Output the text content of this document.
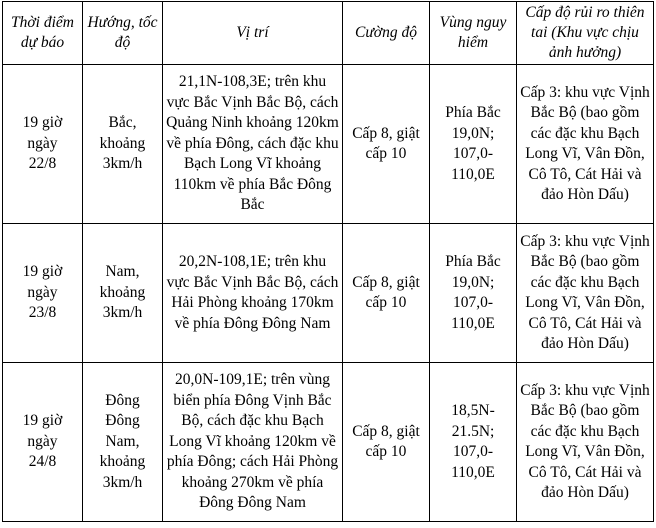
Thời điểm dự báo	Hướng, tốc độ	Vị trí	Cường độ	Vùng nguy hiểm	Cấp độ rủi ro thiên tai (Khu vực chịu ảnh hưởng)

19 giờ ngày 22/8	Bắc, khoảng 3km/h	21,1N-108,3E; trên khu vực Bắc Vịnh Bắc Bộ, cách Quảng Ninh khoảng 120km về phía Đông, cách đặc khu Bạch Long Vĩ khoảng 110km về phía Bắc Đông Bắc	Cấp 8, giật cấp 10	Phía Bắc 19,0N; 107,0-110,0E	Cấp 3: khu vực Vịnh Bắc Bộ (bao gồm các đặc khu Bạch Long Vĩ, Vân Đồn, Cô Tô, Cát Hải và đảo Hòn Dấu)

19 giờ ngày 23/8	Nam, khoảng 3km/h	20,2N-108,1E; trên khu vực Bắc Vịnh Bắc Bộ, cách Hải Phòng khoảng 170km về phía Đông Đông Nam	Cấp 8, giật cấp 10	Phía Bắc 19,0N; 107,0-110,0E	Cấp 3: khu vực Vịnh Bắc Bộ (bao gồm các đặc khu Bạch Long Vĩ, Vân Đồn, Cô Tô, Cát Hải và đảo Hòn Dấu)

19 giờ ngày 24/8	Đông Đông Nam, khoảng 3km/h	20,0N-109,1E; trên vùng biển phía Đông Vịnh Bắc Bộ, cách đặc khu Bạch Long Vĩ khoảng 120km về phía Đông; cách Hải Phòng khoảng 270km về phía Đông Đông Nam	Cấp 8, giật cấp 10	18,5N-21.5N; 107,0-110,0E	Cấp 3: khu vực Vịnh Bắc Bộ (bao gồm các đặc khu Bạch Long Vĩ, Vân Đồn, Cô Tô, Cát Hải và đảo Hòn Dấu)
